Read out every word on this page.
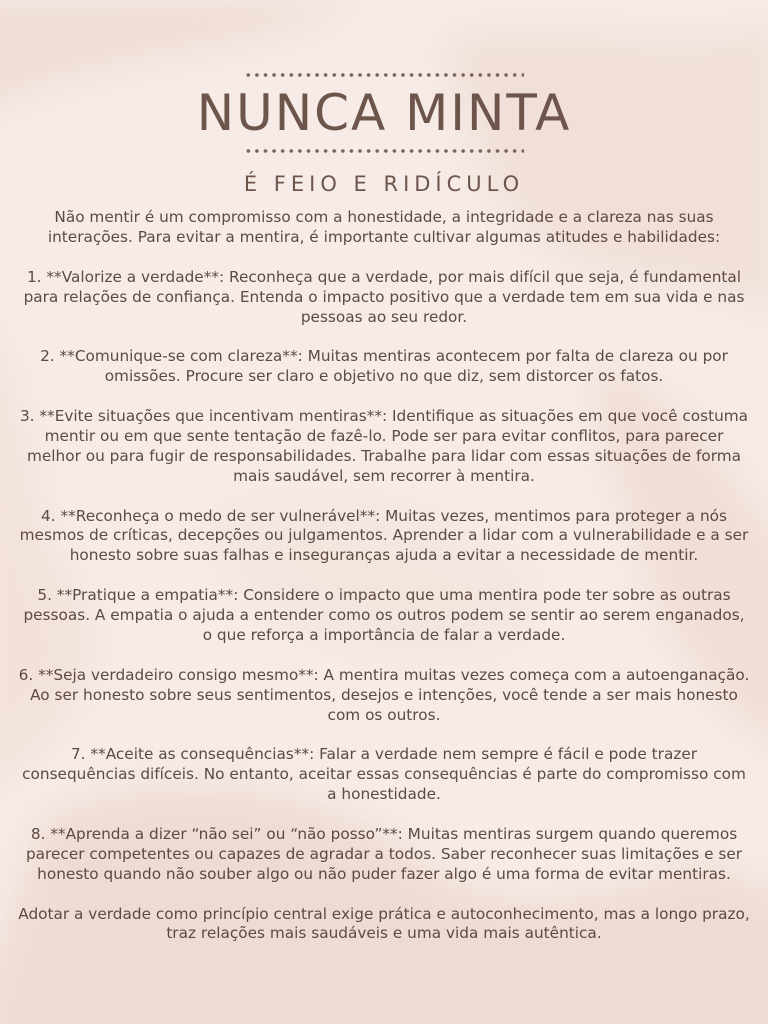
NUNCA MINTA
É FEIO E RIDÍCULO

Não mentir é um compromisso com a honestidade, a integridade e a clareza nas suas interações. Para evitar a mentira, é importante cultivar algumas atitudes e habilidades:

1. **Valorize a verdade**: Reconheça que a verdade, por mais difícil que seja, é fundamental para relações de confiança. Entenda o impacto positivo que a verdade tem em sua vida e nas pessoas ao seu redor.

2. **Comunique-se com clareza**: Muitas mentiras acontecem por falta de clareza ou por omissões. Procure ser claro e objetivo no que diz, sem distorcer os fatos.

3. **Evite situações que incentivam mentiras**: Identifique as situações em que você costuma mentir ou em que sente tentação de fazê-lo. Pode ser para evitar conflitos, para parecer melhor ou para fugir de responsabilidades. Trabalhe para lidar com essas situações de forma mais saudável, sem recorrer à mentira.

4. **Reconheça o medo de ser vulnerável**: Muitas vezes, mentimos para proteger a nós mesmos de críticas, decepções ou julgamentos. Aprender a lidar com a vulnerabilidade e a ser honesto sobre suas falhas e inseguranças ajuda a evitar a necessidade de mentir.

5. **Pratique a empatia**: Considere o impacto que uma mentira pode ter sobre as outras pessoas. A empatia o ajuda a entender como os outros podem se sentir ao serem enganados, o que reforça a importância de falar a verdade.

6. **Seja verdadeiro consigo mesmo**: A mentira muitas vezes começa com a autoenganação. Ao ser honesto sobre seus sentimentos, desejos e intenções, você tende a ser mais honesto com os outros.

7. **Aceite as consequências**: Falar a verdade nem sempre é fácil e pode trazer consequências difíceis. No entanto, aceitar essas consequências é parte do compromisso com a honestidade.

8. **Aprenda a dizer “não sei” ou “não posso”**: Muitas mentiras surgem quando queremos parecer competentes ou capazes de agradar a todos. Saber reconhecer suas limitações e ser honesto quando não souber algo ou não puder fazer algo é uma forma de evitar mentiras.

Adotar a verdade como princípio central exige prática e autoconhecimento, mas a longo prazo, traz relações mais saudáveis e uma vida mais autêntica.
